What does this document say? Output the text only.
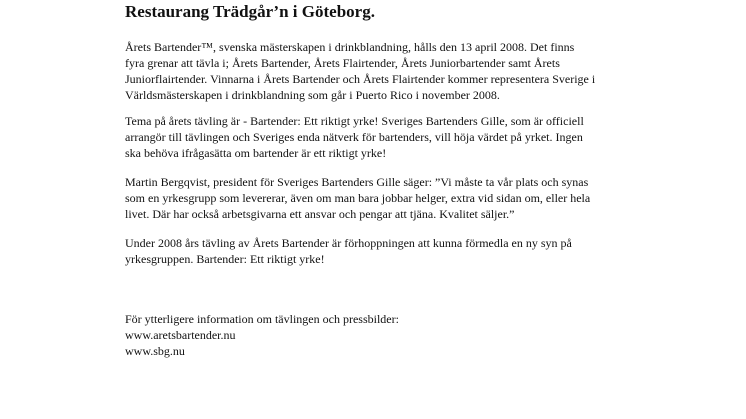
Restaurang Trädgår’n i Göteborg.

Årets Bartender™, svenska mästerskapen i drinkblandning, hålls den 13 april 2008. Det finns
fyra grenar att tävla i; Årets Bartender, Årets Flairtender, Årets Juniorbartender samt Årets
Juniorflairtender. Vinnarna i Årets Bartender och Årets Flairtender kommer representera Sverige i
Världsmästerskapen i drinkblandning som går i Puerto Rico i november 2008.

Tema på årets tävling är - Bartender: Ett riktigt yrke! Sveriges Bartenders Gille, som är officiell
arrangör till tävlingen och Sveriges enda nätverk för bartenders, vill höja värdet på yrket. Ingen
ska behöva ifrågasätta om bartender är ett riktigt yrke!

Martin Bergqvist, president för Sveriges Bartenders Gille säger: ”Vi måste ta vår plats och synas
som en yrkesgrupp som levererar, även om man bara jobbar helger, extra vid sidan om, eller hela
livet. Där har också arbetsgivarna ett ansvar och pengar att tjäna. Kvalitet säljer.”

Under 2008 års tävling av Årets Bartender är förhoppningen att kunna förmedla en ny syn på
yrkesgruppen. Bartender: Ett riktigt yrke!

För ytterligere information om tävlingen och pressbilder:
www.aretsbartender.nu
www.sbg.nu
